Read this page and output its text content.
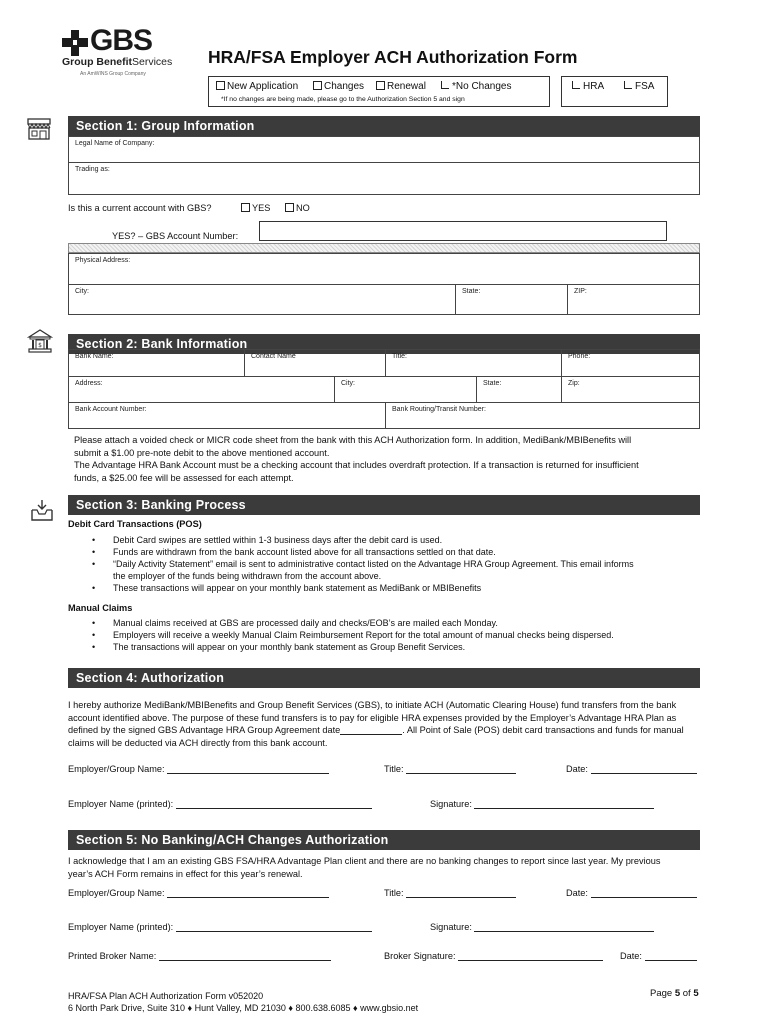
GBS
Group BenefitServices
An AmWINS Group Company
HRA/FSA Employer ACH Authorization Form
New Application	Changes	Renewal	*No Changes
*If no changes are being made, please go to the Authorization Section 5 and sign
HRA	FSA
Section 1: Group Information
Legal Name of Company:
Trading as:
Is this a current account with GBS?	YES	NO
YES? – GBS Account Number:
Physical Address:
City:	State:	ZIP:
$	Section 2: Bank Information
Bank Name:	Contact Name	Title:	Phone:
Address:	City:	State:	Zip:
Bank Account Number:	Bank Routing/Transit Number:
Please attach a voided check or MICR code sheet from the bank with this ACH Authorization form. In addition, MediBank/MBIBenefits will
submit a $1.00 pre-note debit to the above mentioned account.
The Advantage HRA Bank Account must be a checking account that includes overdraft protection. If a transaction is returned for insufficient
funds, a $25.00 fee will be assessed for each attempt.
Section 3: Banking Process
Debit Card Transactions (POS)
• Debit Card swipes are settled within 1-3 business days after the debit card is used.
• Funds are withdrawn from the bank account listed above for all transactions settled on that date.
• “Daily Activity Statement” email is sent to administrative contact listed on the Advantage HRA Group Agreement. This email informs
the employer of the funds being withdrawn from the account above.
• These transactions will appear on your monthly bank statement as MediBank or MBIBenefits
Manual Claims
• Manual claims received at GBS are processed daily and checks/EOB’s are mailed each Monday.
• Employers will receive a weekly Manual Claim Reimbursement Report for the total amount of manual checks being dispersed.
• The transactions will appear on your monthly bank statement as Group Benefit Services.
Section 4: Authorization
I hereby authorize MediBank/MBIBenefits and Group Benefit Services (GBS), to initiate ACH (Automatic Clearing House) fund transfers from the bank
account identified above. The purpose of these fund transfers is to pay for eligible HRA expenses provided by the Employer’s Advantage HRA Plan as
defined by the signed GBS Advantage HRA Group Agreement date	. All Point of Sale (POS) debit card transactions and funds for manual
claims will be deducted via ACH directly from this bank account.
Employer/Group Name:	Title:	Date:
Employer Name (printed):	Signature:
Section 5: No Banking/ACH Changes Authorization
I acknowledge that I am an existing GBS FSA/HRA Advantage Plan client and there are no banking changes to report since last year. My previous
year’s ACH Form remains in effect for this year’s renewal.
Employer/Group Name:	Title:	Date:
Employer Name (printed):	Signature:
Printed Broker Name:	Broker Signature:	Date:
HRA/FSA Plan ACH Authorization Form v052020
6 North Park Drive, Suite 310 ♦ Hunt Valley, MD 21030 ♦ 800.638.6085 ♦ www.gbsio.net
Page 5 of 5
